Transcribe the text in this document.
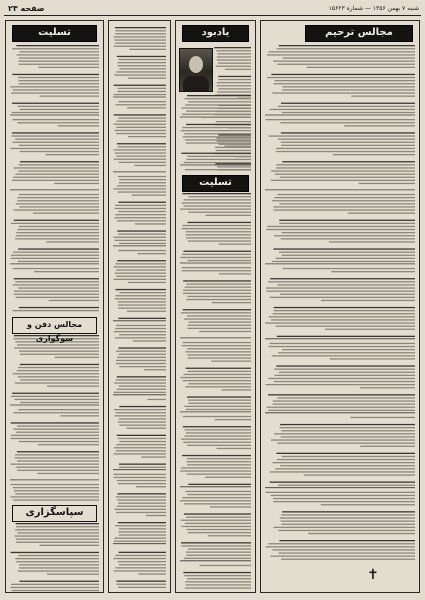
شنبه ۷ بهمن ۱۳۵۶ — شماره ۱۵۶۲۳
صفحه ۲۳
تسلیت
مجالس دفن و سوگواری
سپاسگزاری
یادبود
تسلیت
مجالس ترحیم
✝
